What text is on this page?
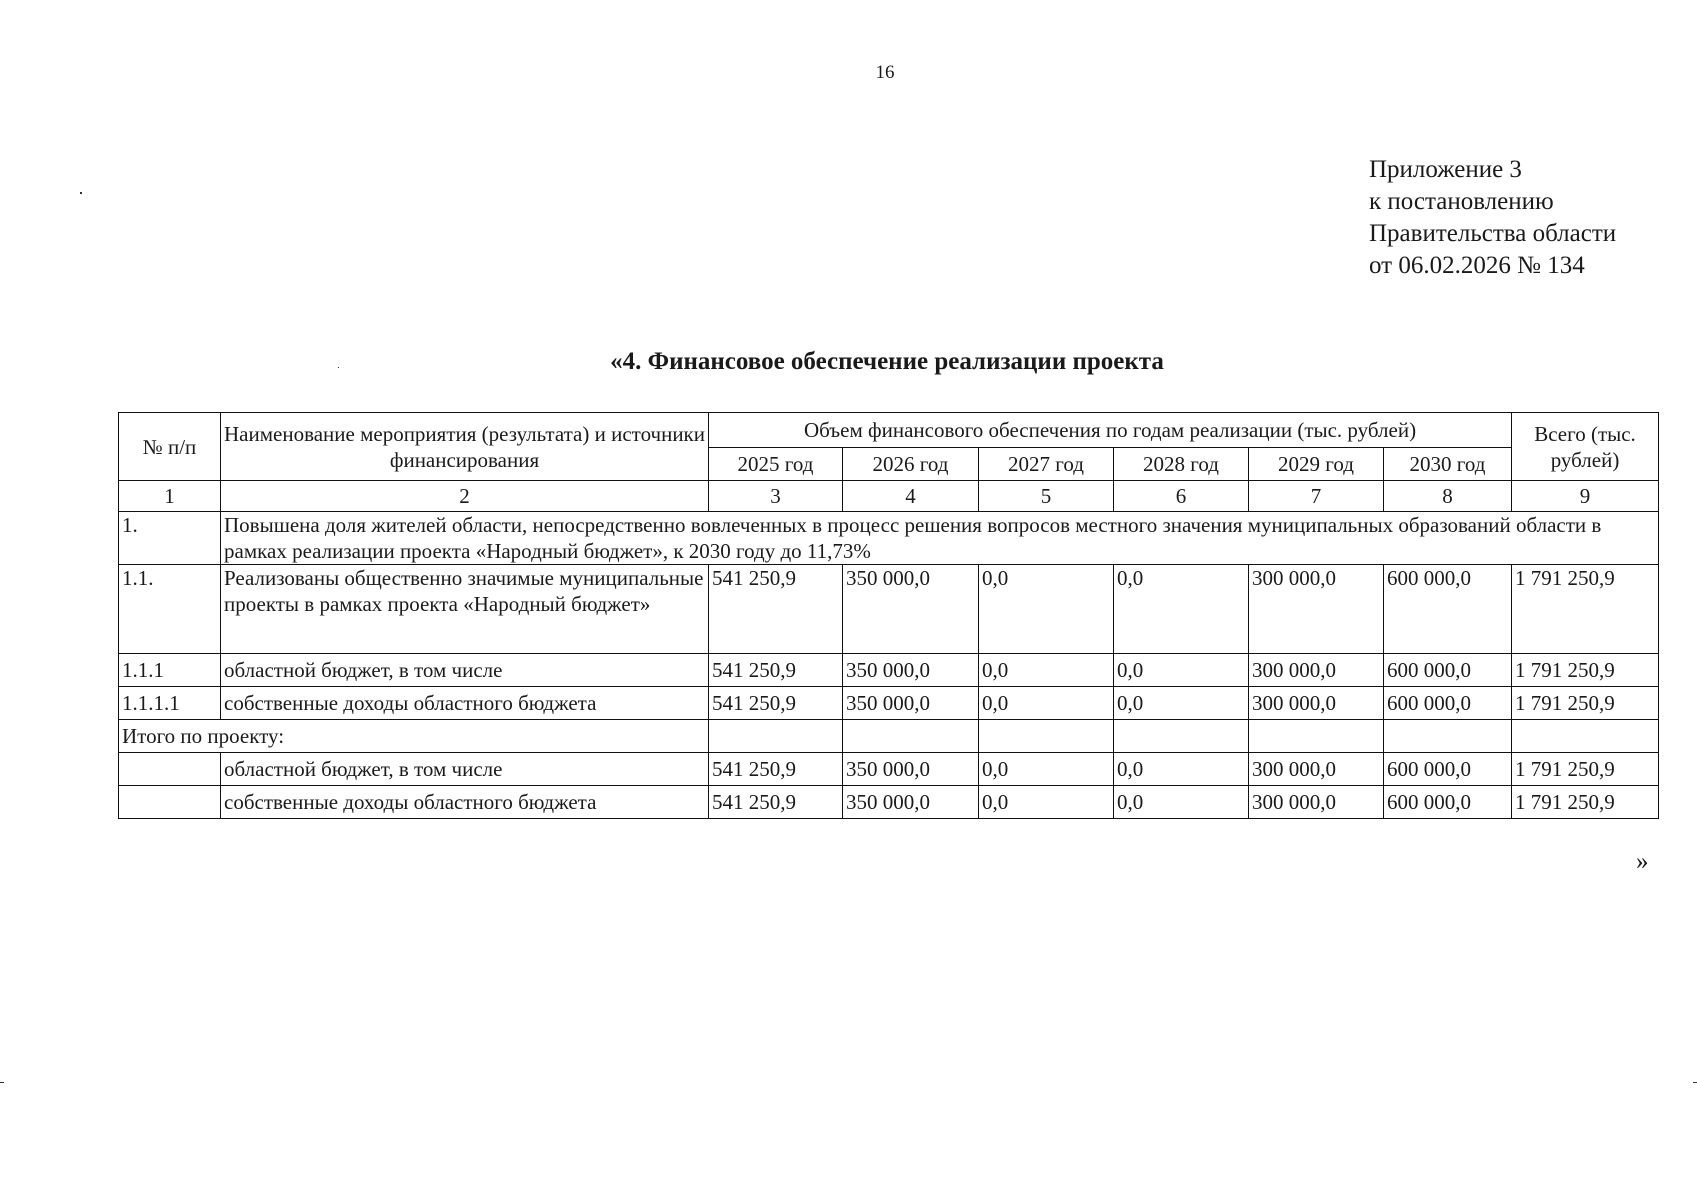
16
Приложение 3
к постановлению
Правительства области
от 06.02.2026 № 134
«4. Финансовое обеспечение реализации проекта
№ п/п	Наименование мероприятия (результата) и источники финансирования	Объем финансового обеспечения по годам реализации (тыс. рублей)						Всего (тыс. рублей)
		2025 год	2026 год	2027 год	2028 год	2029 год	2030 год	
1	2	3	4	5	6	7	8	9
1.	Повышена доля жителей области, непосредственно вовлеченных в процесс решения вопросов местного значения муниципальных образований области в рамках реализации проекта «Народный бюджет», к 2030 году до 11,73%							
1.1.	Реализованы общественно значимые муниципальные проекты в рамках проекта «Народный бюджет»	541 250,9	350 000,0	0,0	0,0	300 000,0	600 000,0	1 791 250,9
1.1.1	областной бюджет, в том числе	541 250,9	350 000,0	0,0	0,0	300 000,0	600 000,0	1 791 250,9
1.1.1.1	собственные доходы областного бюджета	541 250,9	350 000,0	0,0	0,0	300 000,0	600 000,0	1 791 250,9
Итого по проекту:								
	областной бюджет, в том числе	541 250,9	350 000,0	0,0	0,0	300 000,0	600 000,0	1 791 250,9
	собственные доходы областного бюджета	541 250,9	350 000,0	0,0	0,0	300 000,0	600 000,0	1 791 250,9
»
